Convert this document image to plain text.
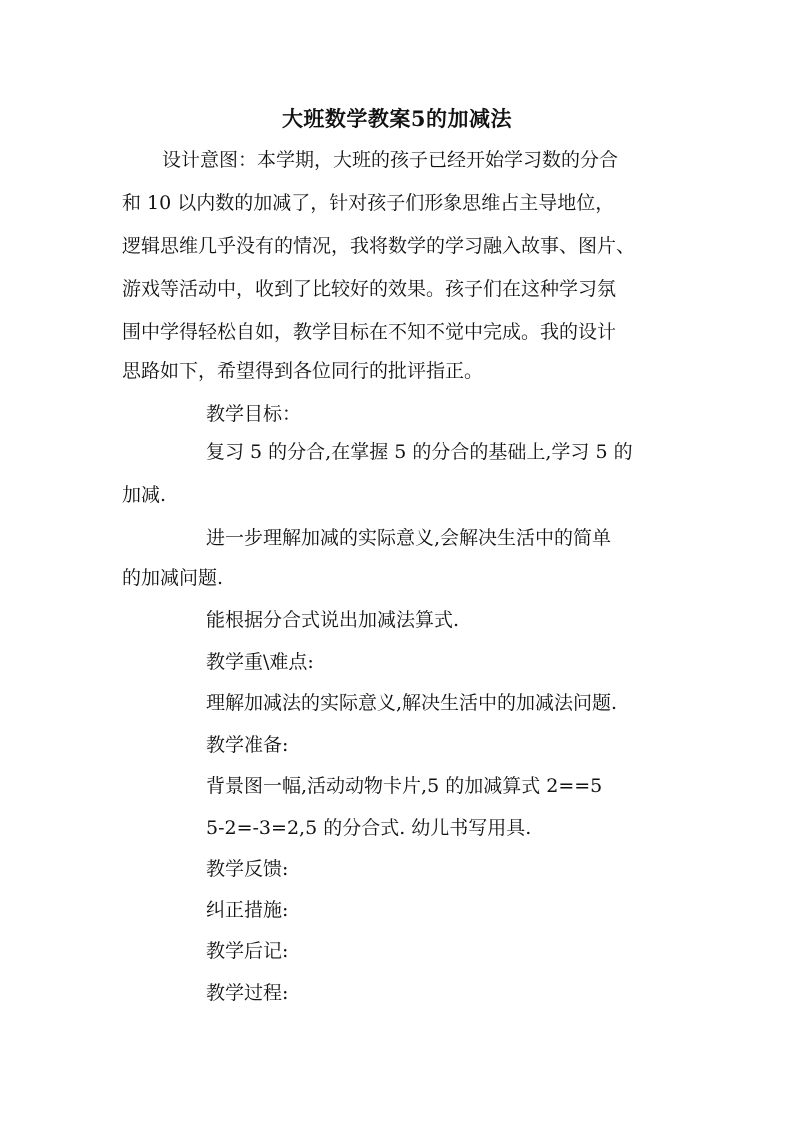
大班数学教案5的加减法
设计意图：本学期，大班的孩子已经开始学习数的分合
和 10 以内数的加减了，针对孩子们形象思维占主导地位，
逻辑思维几乎没有的情况，我将数学的学习融入故事、图片、
游戏等活动中，收到了比较好的效果。孩子们在这种学习氛
围中学得轻松自如，教学目标在不知不觉中完成。我的设计
思路如下，希望得到各位同行的批评指正。
教学目标：
复习 5 的分合,在掌握 5 的分合的基础上,学习 5 的
加减.
进一步理解加减的实际意义,会解决生活中的简单
的加减问题.
能根据分合式说出加减法算式.
教学重\难点:
理解加减法的实际意义,解决生活中的加减法问题.
教学准备:
背景图一幅,活动动物卡片,5 的加减算式 2==5
5-2=-3=2,5 的分合式. 幼儿书写用具.
教学反馈:
纠正措施:
教学后记:
教学过程:
